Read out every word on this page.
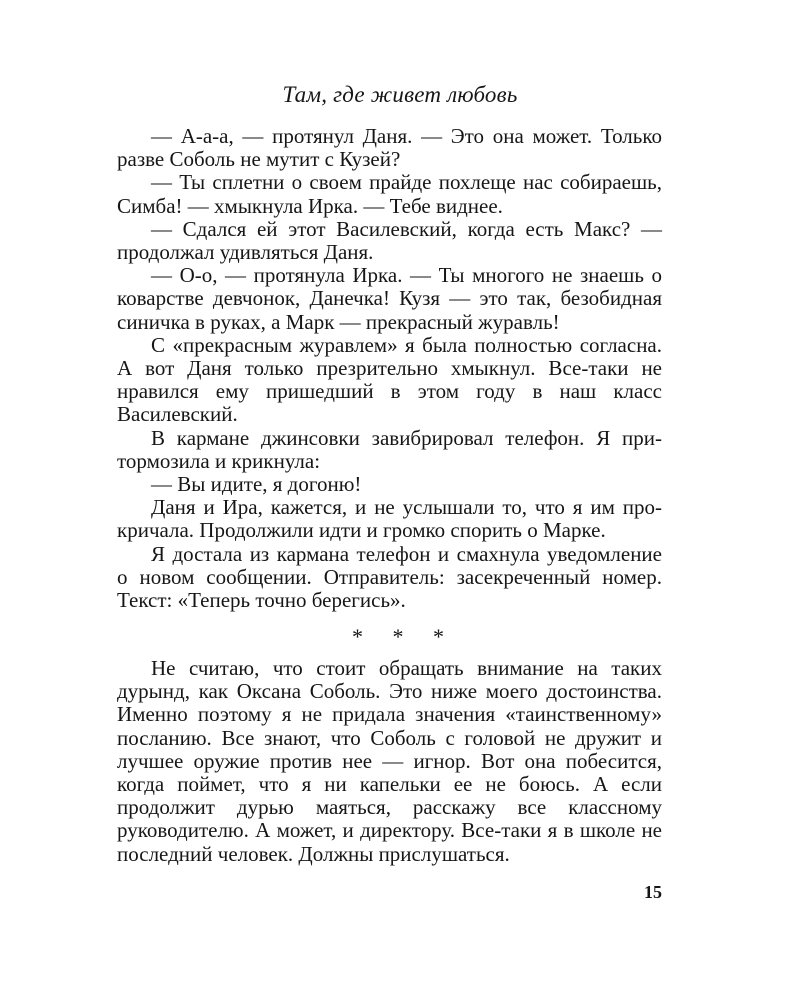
Там, где живет любовь

— А-а-а, — протянул Даня. — Это она может. Только разве Соболь не мутит с Кузей?

— Ты сплетни о своем прайде похлеще нас собираешь, Симба! — хмыкнула Ирка. — Тебе виднее.

— Сдался ей этот Василевский, когда есть Макс? — продолжал удивляться Даня.

— О-о, — протянула Ирка. — Ты многого не знаешь о коварстве девчонок, Данечка! Кузя — это так, безобидная синичка в руках, а Марк — прекрасный журавль!

С «прекрасным журавлем» я была полностью согласна. А вот Даня только презрительно хмыкнул. Все-таки не нравился ему пришедший в этом году в наш класс Василевский.

В кармане джинсовки завибрировал телефон. Я притормозила и крикнула:

— Вы идите, я догоню!

Даня и Ира, кажется, и не услышали то, что я им прокричала. Продолжили идти и громко спорить о Марке.

Я достала из кармана телефон и смахнула уведомление о новом сообщении. Отправитель: засекреченный номер. Текст: «Теперь точно берегись».

* * *

Не считаю, что стоит обращать внимание на таких дурынд, как Оксана Соболь. Это ниже моего достоинства. Именно поэтому я не придала значения «таинственному» посланию. Все знают, что Соболь с головой не дружит и лучшее оружие против нее — игнор. Вот она побесится, когда поймет, что я ни капельки ее не боюсь. А если продолжит дурью маяться, расскажу все классному руководителю. А может, и директору. Все-таки я в школе не последний человек. Должны прислушаться.

15
